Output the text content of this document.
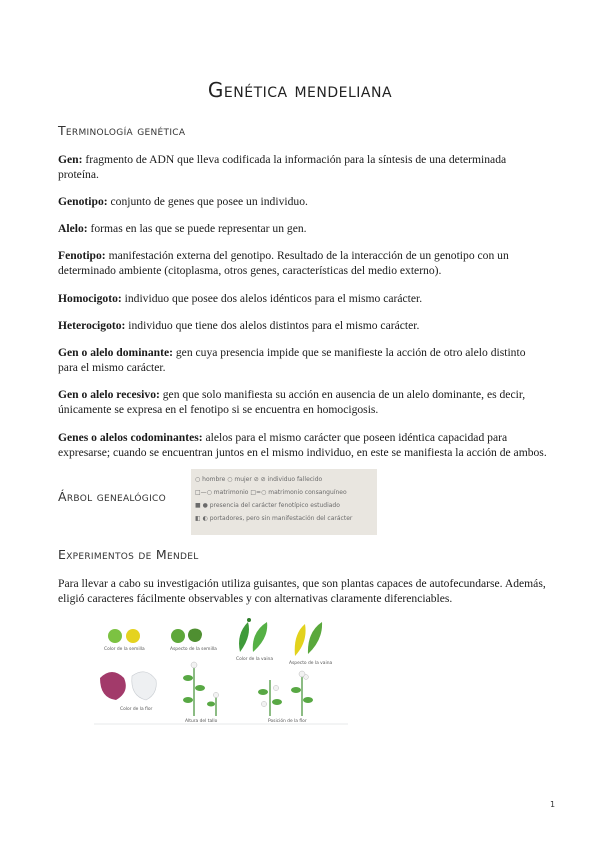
Genética mendeliana
Terminología genética
Gen: fragmento de ADN que lleva codificada la información para la síntesis de una determinada proteína.
Genotipo: conjunto de genes que posee un individuo.
Alelo: formas en las que se puede representar un gen.
Fenotipo: manifestación externa del genotipo. Resultado de la interacción de un genotipo con un determinado ambiente (citoplasma, otros genes, características del medio externo).
Homocigoto: individuo que posee dos alelos idénticos para el mismo carácter.
Heterocigoto: individuo que tiene dos alelos distintos para el mismo carácter.
Gen o alelo dominante: gen cuya presencia impide que se manifieste la acción de otro alelo distinto para el mismo carácter.
Gen o alelo recesivo: gen que solo manifiesta su acción en ausencia de un alelo dominante, es decir, únicamente se expresa en el fenotipo si se encuentra en homocigosis.
Genes o alelos codominantes: alelos para el mismo carácter que poseen idéntica capacidad para expresarse; cuando se encuentran juntos en el mismo individuo, en este se manifiesta la acción de ambos.
Árbol genealógico
○ hombre ○ mujer ⊘ ⊘ individuo fallecido
□—○ matrimonio □=○ matrimonio consanguíneo
■ ● presencia del carácter fenotípico estudiado
◧ ◐ portadores, pero sin manifestación del carácter
Experimentos de Mendel
Para llevar a cabo su investigación utiliza guisantes, que son plantas capaces de autofecundarse. Además, eligió caracteres fácilmente observables y con alternativas claramente diferenciables.
Color de la semilla	Aspecto de la semilla
Color de la vaina
Aspecto de la vaina
Color de la flor
Altura del tallo	Posición de la flor
1
